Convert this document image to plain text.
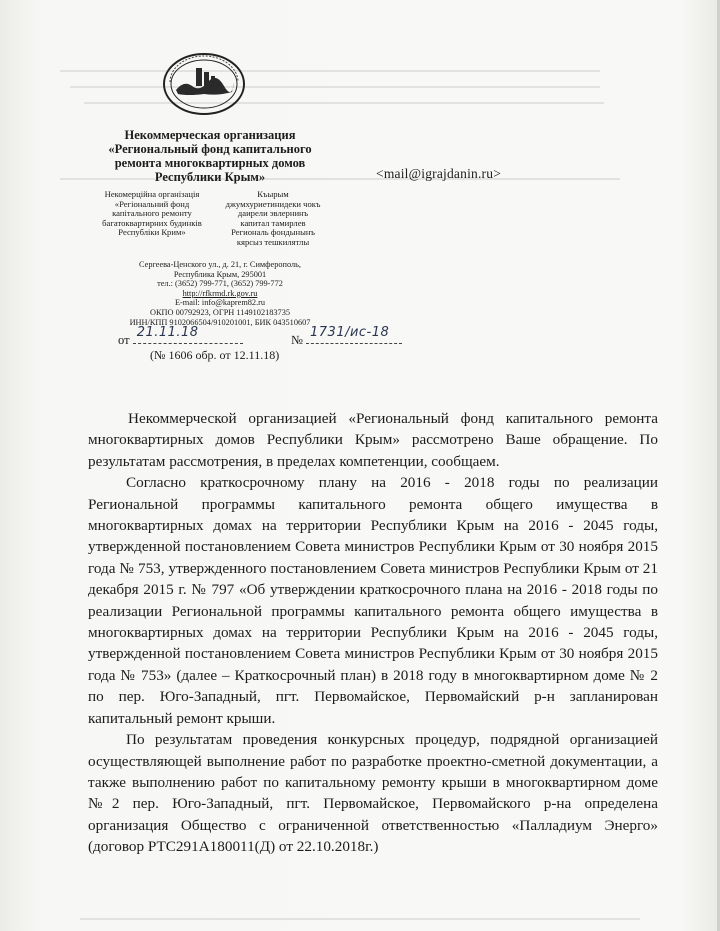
Некоммерческая организация
«Региональный фонд капитального
ремонта многоквартирных домов
Республики Крым»
Некомерційна організація
«Регіональний фонд
капітального ремонту
багатоквартирних будинків
Республіки Крим»
Къырым
джумхуриетинидеки чокъ
даирели эвлернинъ
капитал тамирлев
Региональ фондынынъ
кярсыз тешкилятлы
Сергеева-Ценского ул., д. 21, г. Симферополь,
Республика Крым, 295001
тел.: (3652) 799-771, (3652) 799-772
http://rfkrmd.rk.gov.ru
E-mail: info@kaprem82.ru
ОКПО 00792923, ОГРН 1149102183735
ИНН/КПП 9102066504/910201001, БИК 043510607
<mail@igrajdanin.ru>
от 21.11.18	№ 1731/ис-18
(№ 1606 обр. от 12.11.18)

Некоммерческой организацией «Региональный фонд капитального ремонта многоквартирных домов Республики Крым» рассмотрено Ваше обращение. По результатам рассмотрения, в пределах компетенции, сообщаем.

Согласно краткосрочному плану на 2016 - 2018 годы по реализации Региональной программы капитального ремонта общего имущества в многоквартирных домах на территории Республики Крым на 2016 - 2045 годы, утвержденной постановлением Совета министров Республики Крым от 30 ноября 2015 года № 753, утвержденного постановлением Совета министров Республики Крым от 21 декабря 2015 г. № 797 «Об утверждении краткосрочного плана на 2016 - 2018 годы по реализации Региональной программы капитального ремонта общего имущества в многоквартирных домах на территории Республики Крым на 2016 - 2045 годы, утвержденной постановлением Совета министров Республики Крым от 30 ноября 2015 года № 753» (далее – Краткосрочный план) в 2018 году в многоквартирном доме № 2 по пер. Юго-Западный, пгт. Первомайское, Первомайский р-н запланирован капитальный ремонт крыши.

По результатам проведения конкурсных процедур, подрядной организацией осуществляющей выполнение работ по разработке проектно-сметной документации, а также выполнению работ по капитальному ремонту крыши в многоквартирном доме №2 пер. Юго-Западный, пгт. Первомайское, Первомайского р-на определена организация Общество с ограниченной ответственностью «Палладиум Энерго» (договор РТС291А180011(Д) от 22.10.2018г.)
